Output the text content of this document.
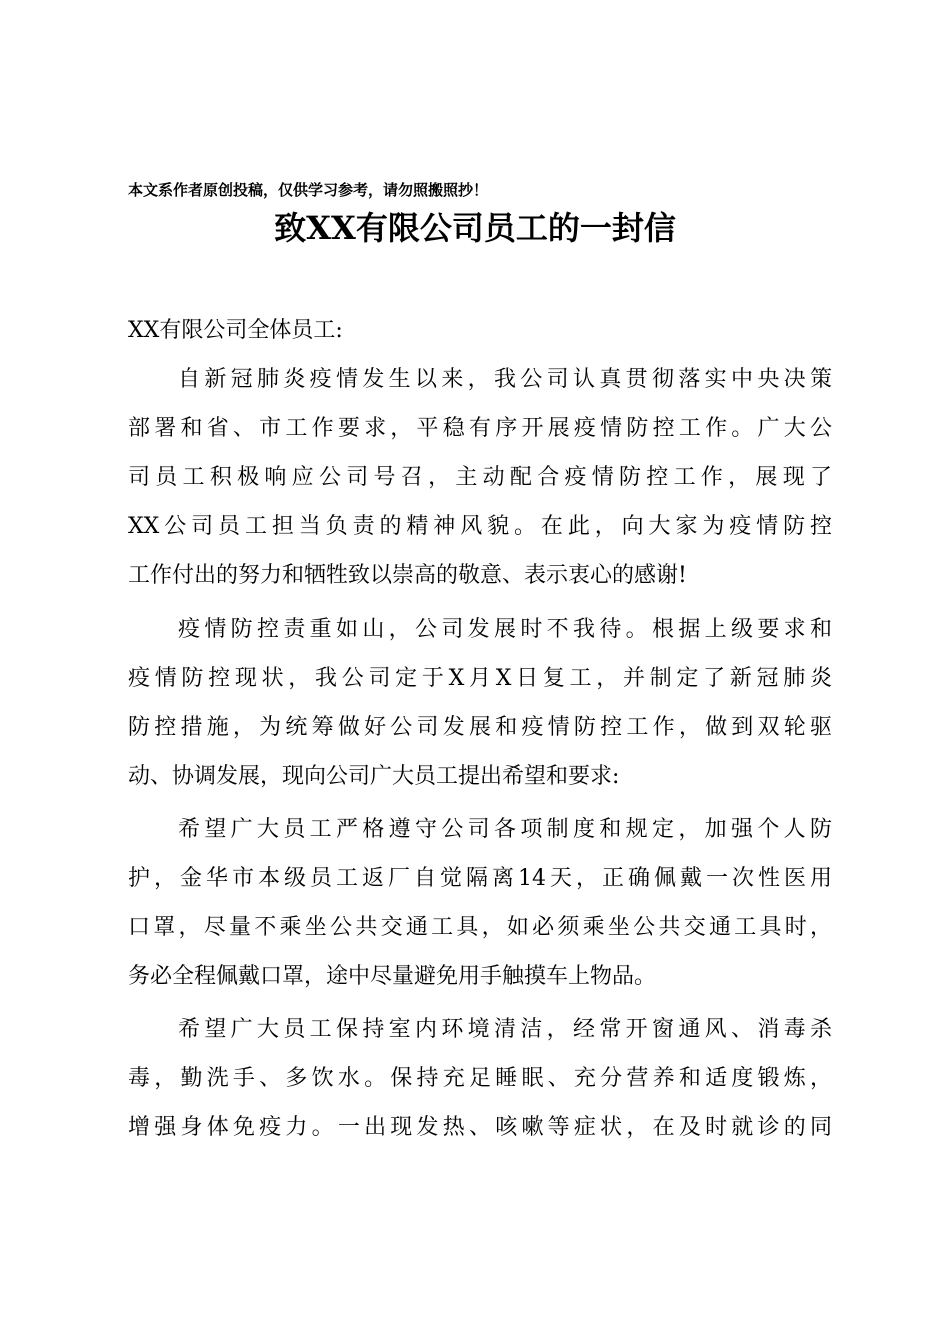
本文系作者原创投稿，仅供学习参考，请勿照搬照抄！
致XX有限公司员工的一封信
XX有限公司全体员工:
自新冠肺炎疫情发生以来，我公司认真贯彻落实中央决策
部署和省、市工作要求，平稳有序开展疫情防控工作。广大公
司员工积极响应公司号召，主动配合疫情防控工作，展现了
XX公司员工担当负责的精神风貌。在此，向大家为疫情防控
工作付出的努力和牺牲致以崇高的敬意、表示衷心的感谢!
疫情防控责重如山，公司发展时不我待。根据上级要求和
疫情防控现状，我公司定于X月X日复工，并制定了新冠肺炎
防控措施，为统筹做好公司发展和疫情防控工作，做到双轮驱
动、协调发展，现向公司广大员工提出希望和要求:
希望广大员工严格遵守公司各项制度和规定，加强个人防
护，金华市本级员工返厂自觉隔离14天，正确佩戴一次性医用
口罩，尽量不乘坐公共交通工具，如必须乘坐公共交通工具时，
务必全程佩戴口罩，途中尽量避免用手触摸车上物品。
希望广大员工保持室内环境清洁，经常开窗通风、消毒杀
毒，勤洗手、多饮水。保持充足睡眠、充分营养和适度锻炼，
增强身体免疫力。一出现发热、咳嗽等症状，在及时就诊的同
